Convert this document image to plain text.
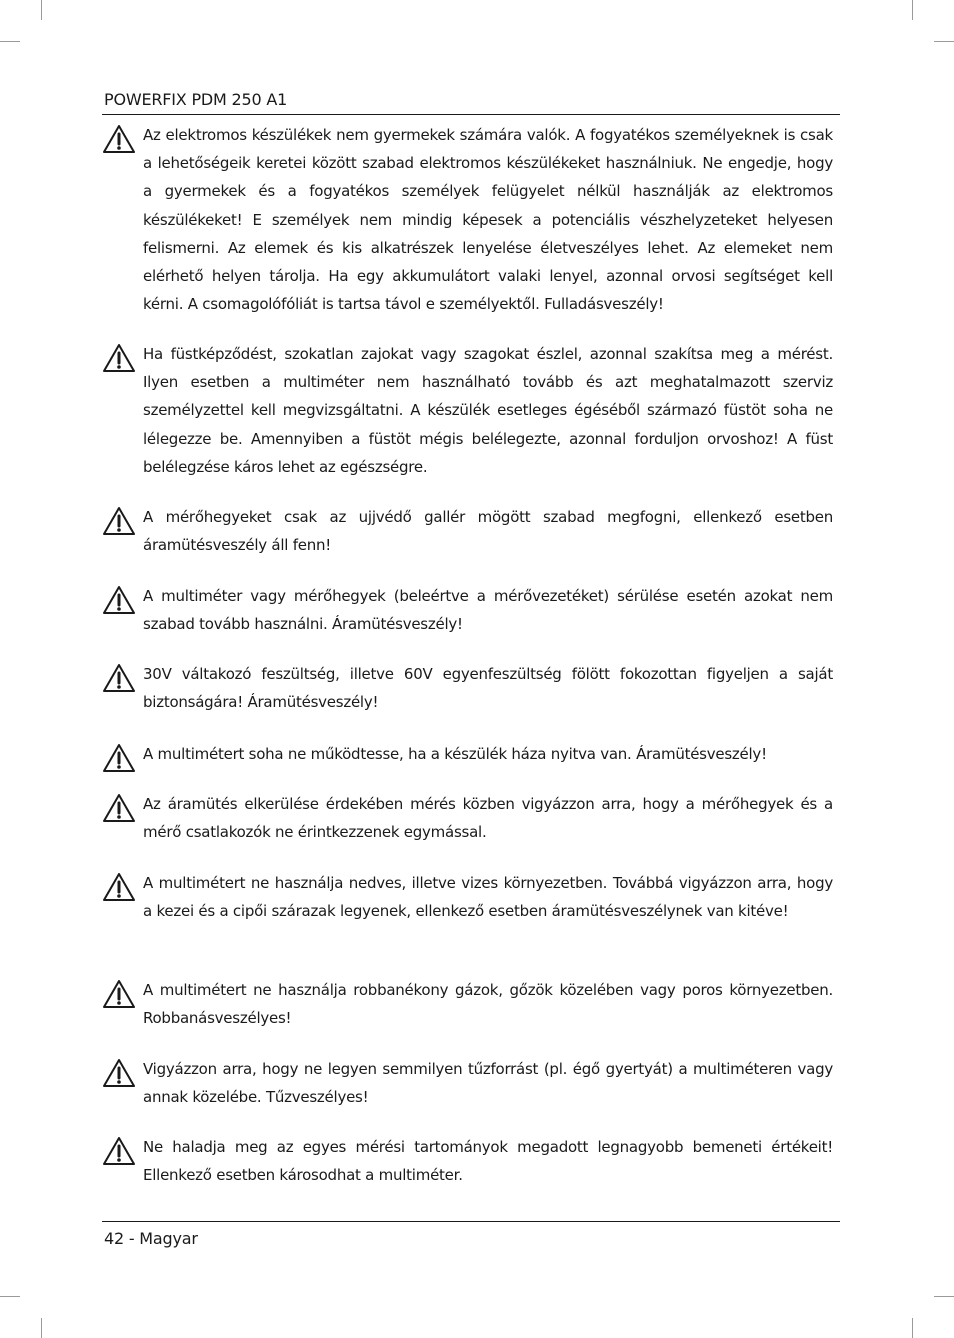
POWERFIX PDM 250 A1
Az elektromos készülékek nem gyermekek számára valók. A fogyatékos személyeknek is csak a lehetőségeik keretei között szabad elektromos készülékeket használniuk. Ne engedje, hogy a gyermekek és a fogyatékos személyek felügyelet nélkül használják az elektromos készülékeket! E személyek nem mindig képesek a potenciális vészhelyzeteket helyesen felismerni. Az elemek és kis alkatrészek lenyelése életveszélyes lehet. Az elemeket nem elérhető helyen tárolja. Ha egy akkumulátort valaki lenyel, azonnal orvosi segítséget kell kérni. A csomagolófóliát is tartsa távol e személyektől. Fulladásveszély!
Ha füstképződést, szokatlan zajokat vagy szagokat észlel, azonnal szakítsa meg a mérést. Ilyen esetben a multiméter nem használható tovább és azt meghatalmazott szerviz személyzettel kell megvizsgáltatni. A készülék esetleges égéséből származó füstöt soha ne lélegezze be. Amennyiben a füstöt mégis belélegezte, azonnal forduljon orvoshoz! A füst belélegzése káros lehet az egészségre.
A mérőhegyeket csak az ujjvédő gallér mögött szabad megfogni, ellenkező esetben áramütésveszély áll fenn!
A multiméter vagy mérőhegyek (beleértve a mérővezetéket) sérülése esetén azokat nem szabad tovább használni. Áramütésveszély!
30V váltakozó feszültség, illetve 60V egyenfeszültség fölött fokozottan figyeljen a saját biztonságára! Áramütésveszély!
A multimétert soha ne működtesse, ha a készülék háza nyitva van. Áramütésveszély!
Az áramütés elkerülése érdekében mérés közben vigyázzon arra, hogy a mérőhegyek és a mérő csatlakozók ne érintkezzenek egymással.
A multimétert ne használja nedves, illetve vizes környezetben. Továbbá vigyázzon arra, hogy a kezei és a cipői szárazak legyenek, ellenkező esetben áramütésveszélynek van kitéve!
A multimétert ne használja robbanékony gázok, gőzök közelében vagy poros környezetben. Robbanásveszélyes!
Vigyázzon arra, hogy ne legyen semmilyen tűzforrást (pl. égő gyertyát) a multiméteren vagy annak közelébe. Tűzveszélyes!
Ne haladja meg az egyes mérési tartományok megadott legnagyobb bemeneti értékeit! Ellenkező esetben károsodhat a multiméter.
42 - Magyar
